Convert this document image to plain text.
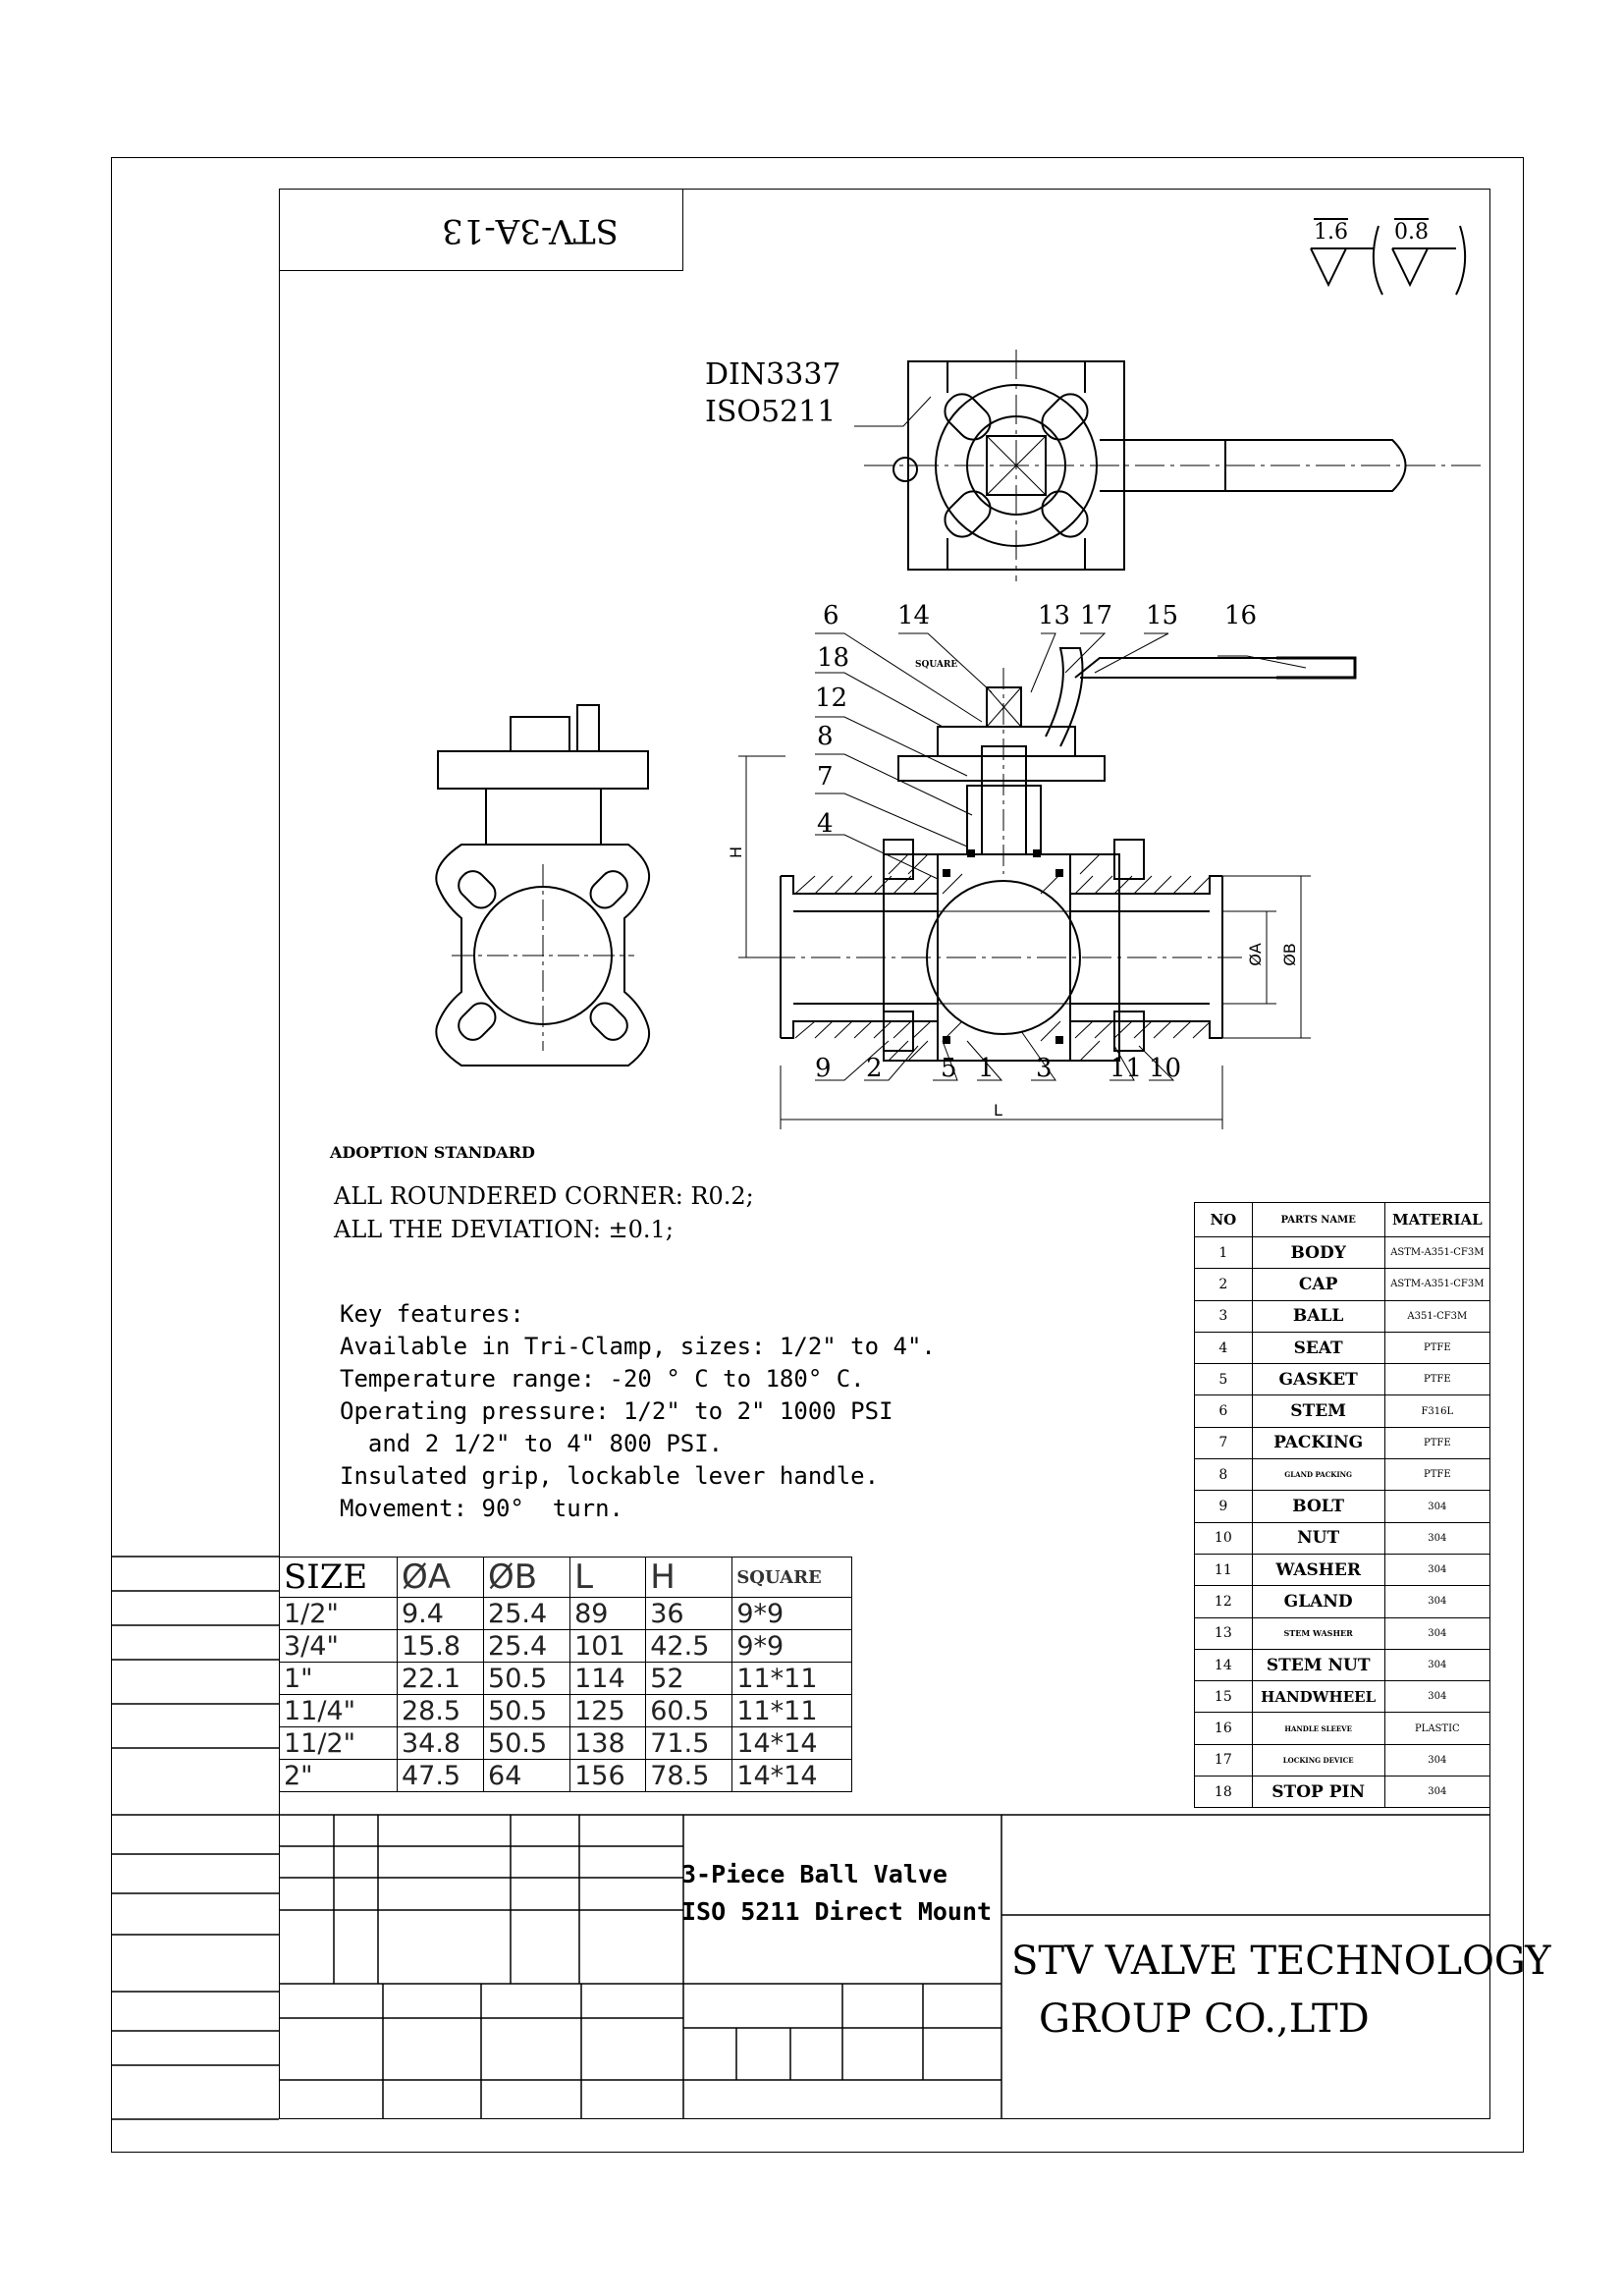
STV-3A-13	1.6 0.8
DIN3337
ISO5211
6 14	13 17 15 16
SQUARE
18
12
8
7
4
9 2 5 1 3 11 10
H
L
ØA ØB
ADOPTION STANDARD
ALL ROUNDERED CORNER: R0.2;
ALL THE DEVIATION: ±0.1;
Key features:
Available in Tri-Clamp, sizes: 1/2" to 4".
Temperature range: -20 ° C to 180° C.
Operating pressure: 1/2" to 2" 1000 PSI
and 2 1/2" to 4" 800 PSI.
Insulated grip, lockable lever handle.
Movement: 90°  turn.
SIZE	ØA	ØB	L	H	SQUARE
1/2"	9.4	25.4	89	36	9*9
3/4"	15.8	25.4	101	42.5	9*9
1"	22.1	50.5	114	52	11*11
11/4"	28.5	50.5	125	60.5	11*11
11/2"	34.8	50.5	138	71.5	14*14
2"	47.5	64	156	78.5	14*14
NO	PARTS NAME	MATERIAL
1	BODY	ASTM-A351-CF3M
2	CAP	ASTM-A351-CF3M
3	BALL	A351-CF3M
4	SEAT	PTFE
5	GASKET	PTFE
6	STEM	F316L
7	PACKING	PTFE
8	GLAND PACKING	PTFE
9	BOLT	304
10	NUT	304
11	WASHER	304
12	GLAND	304
13	STEM WASHER	304
14	STEM NUT	304
15	HANDWHEEL	304
16	HANDLE SLEEVE	PLASTIC
17	LOCKING DEVICE	304
18	STOP PIN	304
3-Piece Ball Valve
ISO 5211 Direct Mount
STV VALVE TECHNOLOGY
GROUP CO.,LTD
